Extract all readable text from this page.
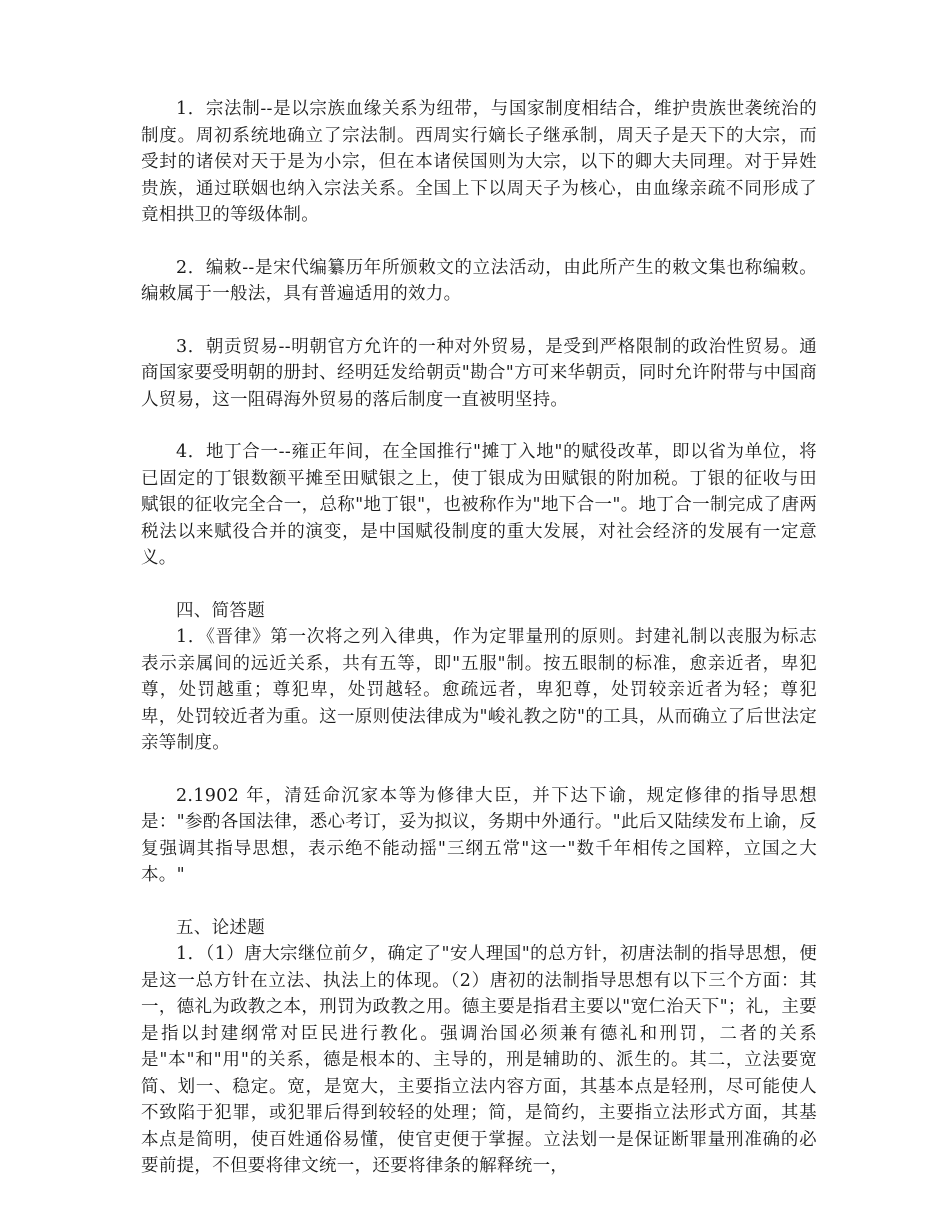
1．宗法制--是以宗族血缘关系为纽带，与国家制度相结合，维护贵族世袭统治的制度。周初系统地确立了宗法制。西周实行嫡长子继承制，周天子是天下的大宗，而受封的诸侯对天于是为小宗，但在本诸侯国则为大宗，以下的卿大夫同理。对于异姓贵族，通过联姻也纳入宗法关系。全国上下以周天子为核心，由血缘亲疏不同形成了竟相拱卫的等级体制。

2．编敕--是宋代编纂历年所颁敕文的立法活动，由此所产生的敕文集也称编敕。编敕属于一般法，具有普遍适用的效力。

3．朝贡贸易--明朝官方允许的一种对外贸易，是受到严格限制的政治性贸易。通商国家要受明朝的册封、经明廷发给朝贡"勘合"方可来华朝贡，同时允许附带与中国商人贸易，这一阻碍海外贸易的落后制度一直被明坚持。

4．地丁合一--雍正年间，在全国推行"摊丁入地"的赋役改革，即以省为单位，将已固定的丁银数额平摊至田赋银之上，使丁银成为田赋银的附加税。丁银的征收与田赋银的征收完全合一，总称"地丁银"，也被称作为"地下合一"。地丁合一制完成了唐两税法以来赋役合并的演变，是中国赋役制度的重大发展，对社会经济的发展有一定意义。

四、简答题

1．《晋律》第一次将之列入律典，作为定罪量刑的原则。封建礼制以丧服为标志表示亲属间的远近关系，共有五等，即"五服"制。按五眼制的标准，愈亲近者，卑犯尊，处罚越重；尊犯卑，处罚越轻。愈疏远者，卑犯尊，处罚较亲近者为轻；尊犯卑，处罚较近者为重。这一原则使法律成为"峻礼教之防"的工具，从而确立了后世法定亲等制度。

2.1902 年，清廷命沉家本等为修律大臣，并下达下谕，规定修律的指导思想是："参酌各国法律，悉心考订，妥为拟议，务期中外通行。"此后又陆续发布上谕，反复强调其指导思想，表示绝不能动摇"三纲五常"这一"数千年相传之国粹，立国之大本。"

五、论述题

1．（1）唐大宗继位前夕，确定了"安人理国"的总方针，初唐法制的指导思想，便是这一总方针在立法、执法上的体现。（2）唐初的法制指导思想有以下三个方面：其一，德礼为政教之本，刑罚为政教之用。德主要是指君主要以"宽仁治天下"；礼，主要是指以封建纲常对臣民进行教化。强调治国必须兼有德礼和刑罚，二者的关系是"本"和"用"的关系，德是根本的、主导的，刑是辅助的、派生的。其二，立法要宽简、划一、稳定。宽，是宽大，主要指立法内容方面，其基本点是轻刑，尽可能使人不致陷于犯罪，或犯罪后得到较轻的处理；简，是简约，主要指立法形式方面，其基本点是简明，使百姓通俗易懂，使官吏便于掌握。立法划一是保证断罪量刑准确的必要前提，不但要将律文统一，还要将律条的解释统一，
